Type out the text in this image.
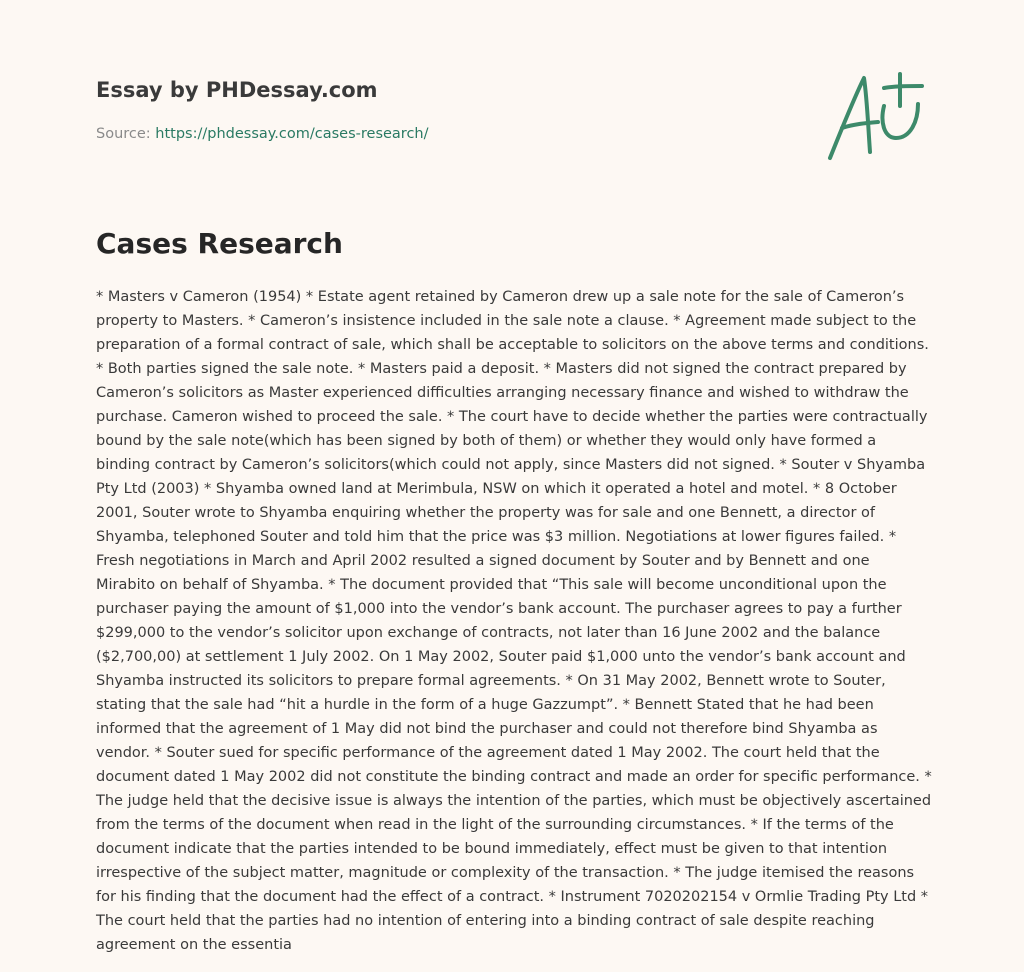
Essay by PHDessay.com
Source: https://phdessay.com/cases-research/
Cases Research

* Masters v Cameron (1954) * Estate agent retained by Cameron drew up a sale note for the sale of Cameron’s property to Masters. * Cameron’s insistence included in the sale note a clause. * Agreement made subject to the preparation of a formal contract of sale, which shall be acceptable to solicitors on the above terms and conditions. * Both parties signed the sale note. * Masters paid a deposit. * Masters did not signed the contract prepared by Cameron’s solicitors as Master experienced difficulties arranging necessary finance and wished to withdraw the purchase. Cameron wished to proceed the sale. * The court have to decide whether the parties were contractually bound by the sale note(which has been signed by both of them) or whether they would only have formed a binding contract by Cameron’s solicitors(which could not apply, since Masters did not signed. * Souter v Shyamba Pty Ltd (2003) * Shyamba owned land at Merimbula, NSW on which it operated a hotel and motel. * 8 October 2001, Souter wrote to Shyamba enquiring whether the property was for sale and one Bennett, a director of Shyamba, telephoned Souter and told him that the price was $3 million. Negotiations at lower figures failed. * Fresh negotiations in March and April 2002 resulted a signed document by Souter and by Bennett and one Mirabito on behalf of Shyamba. * The document provided that “This sale will become unconditional upon the purchaser paying the amount of $1,000 into the vendor’s bank account. The purchaser agrees to pay a further $299,000 to the vendor’s solicitor upon exchange of contracts, not later than 16 June 2002 and the balance ($2,700,00) at settlement 1 July 2002. On 1 May 2002, Souter paid $1,000 unto the vendor’s bank account and Shyamba instructed its solicitors to prepare formal agreements. * On 31 May 2002, Bennett wrote to Souter, stating that the sale had “hit a hurdle in the form of a huge Gazzumpt”. * Bennett Stated that he had been informed that the agreement of 1 May did not bind the purchaser and could not therefore bind Shyamba as vendor. * Souter sued for specific performance of the agreement dated 1 May 2002. The court held that the document dated 1 May 2002 did not constitute the binding contract and made an order for specific performance. * The judge held that the decisive issue is always the intention of the parties, which must be objectively ascertained from the terms of the document when read in the light of the surrounding circumstances. * If the terms of the document indicate that the parties intended to be bound immediately, effect must be given to that intention irrespective of the subject matter, magnitude or complexity of the transaction. * The judge itemised the reasons for his finding that the document had the effect of a contract. * Instrument 7020202154 v Ormlie Trading Pty Ltd * The court held that the parties had no intention of entering into a binding contract of sale despite reaching agreement on the essentia
